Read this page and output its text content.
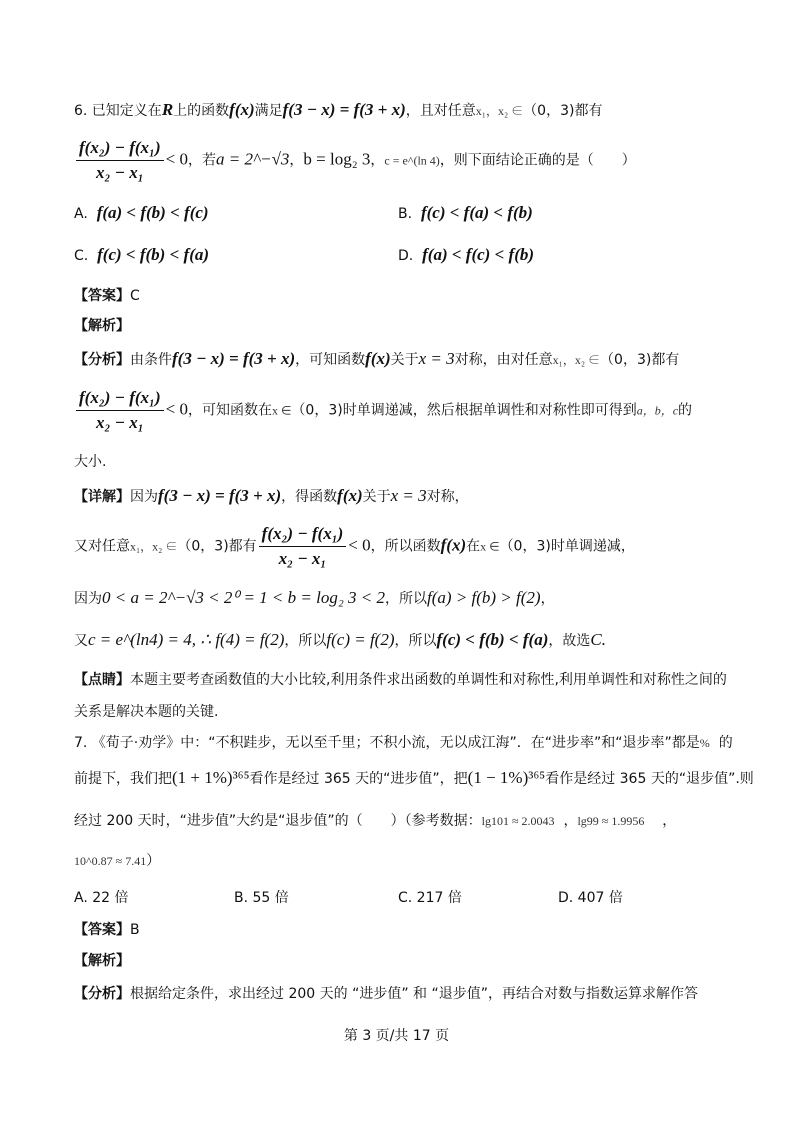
6. 已知定义在R上的函数f(x)满足f(3 − x) = f(3 + x)，且对任意x₁，x₂ ∈（0，3)都有
$\frac{\text{f(x₂) − f(x₁)}}{\text{x₂ − x₁}} < 0$，若a = 2^−√3，b = log₂ 3，c = e^(ln 4)，则下面结论正确的是（　　）
A. f(a) < f(b) < f(c)	B. f(c) < f(a) < f(b)
C. f(c) < f(b) < f(a)	D. f(a) < f(c) < f(b)
【答案】C
【解析】
【分析】由条件f(3 − x) = f(3 + x)，可知函数f(x)关于x = 3对称，由对任意x₁，x₂ ∈（0，3)都有
$\frac{\text{f(x₂) − f(x₁)}}{\text{x₂ − x₁}} < 0$，可知函数在x ∈（0，3)时单调递减，然后根据单调性和对称性即可得到a，b，c的
大小.
【详解】因为f(3 − x) = f(3 + x)，得函数f(x)关于x = 3对称，
又对任意x₁，x₂ ∈（0，3)都有 $\frac{\text{f(x₂) − f(x₁)}}{\text{x₂ − x₁}} < 0$，所以函数f(x)在x ∈（0，3)时单调递减，
因为0 < a = 2^−√3 < 2⁰ = 1 < b = log₂ 3 < 2，所以f(a) > f(b) > f(2)，
又c = e^(ln4) = 4, ∴ f(4) = f(2)，所以f(c) = f(2)，所以f(c) < f(b) < f(a)，故选C.
【点睛】本题主要考查函数值的大小比较,利用条件求出函数的单调性和对称性,利用单调性和对称性之间的
关系是解决本题的关键.
7. 《荀子·劝学》中：“不积跬步，无以至千里；不积小流，无以成江海”．在“进步率”和“退步率”都是% 的
前提下，我们把(1 + 1%)³⁶⁵看作是经过 365 天的“进步值”，把(1 − 1%)³⁶⁵看作是经过 365 天的“退步值”.则
经过 200 天时，“进步值”大约是“退步值”的（　　）（参考数据：lg101 ≈ 2.0043 ，lg99 ≈ 1.9956 ，
10^0.87 ≈ 7.41）
A. 22 倍	B. 55 倍	C. 217 倍	D. 407 倍
【答案】B
【解析】
【分析】根据给定条件，求出经过 200 天的 “进步值” 和 “退步值”，再结合对数与指数运算求解作答
第 3 页/共 17 页
